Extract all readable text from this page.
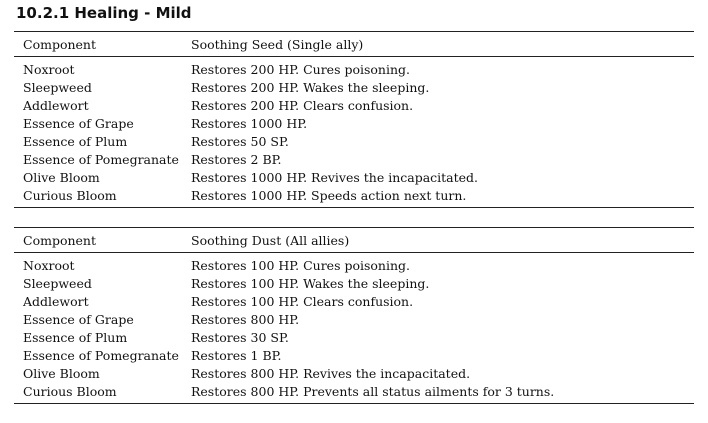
10.2.1 Healing - Mild
Component	Soothing Seed (Single ally)
Noxroot	Restores 200 HP. Cures poisoning.
Sleepweed	Restores 200 HP. Wakes the sleeping.
Addlewort	Restores 200 HP. Clears confusion.
Essence of Grape	Restores 1000 HP.
Essence of Plum	Restores 50 SP.
Essence of Pomegranate	Restores 2 BP.
Olive Bloom	Restores 1000 HP. Revives the incapacitated.
Curious Bloom	Restores 1000 HP. Speeds action next turn.
Component	Soothing Dust (All allies)
Noxroot	Restores 100 HP. Cures poisoning.
Sleepweed	Restores 100 HP. Wakes the sleeping.
Addlewort	Restores 100 HP. Clears confusion.
Essence of Grape	Restores 800 HP.
Essence of Plum	Restores 30 SP.
Essence of Pomegranate	Restores 1 BP.
Olive Bloom	Restores 800 HP. Revives the incapacitated.
Curious Bloom	Restores 800 HP. Prevents all status ailments for 3 turns.
